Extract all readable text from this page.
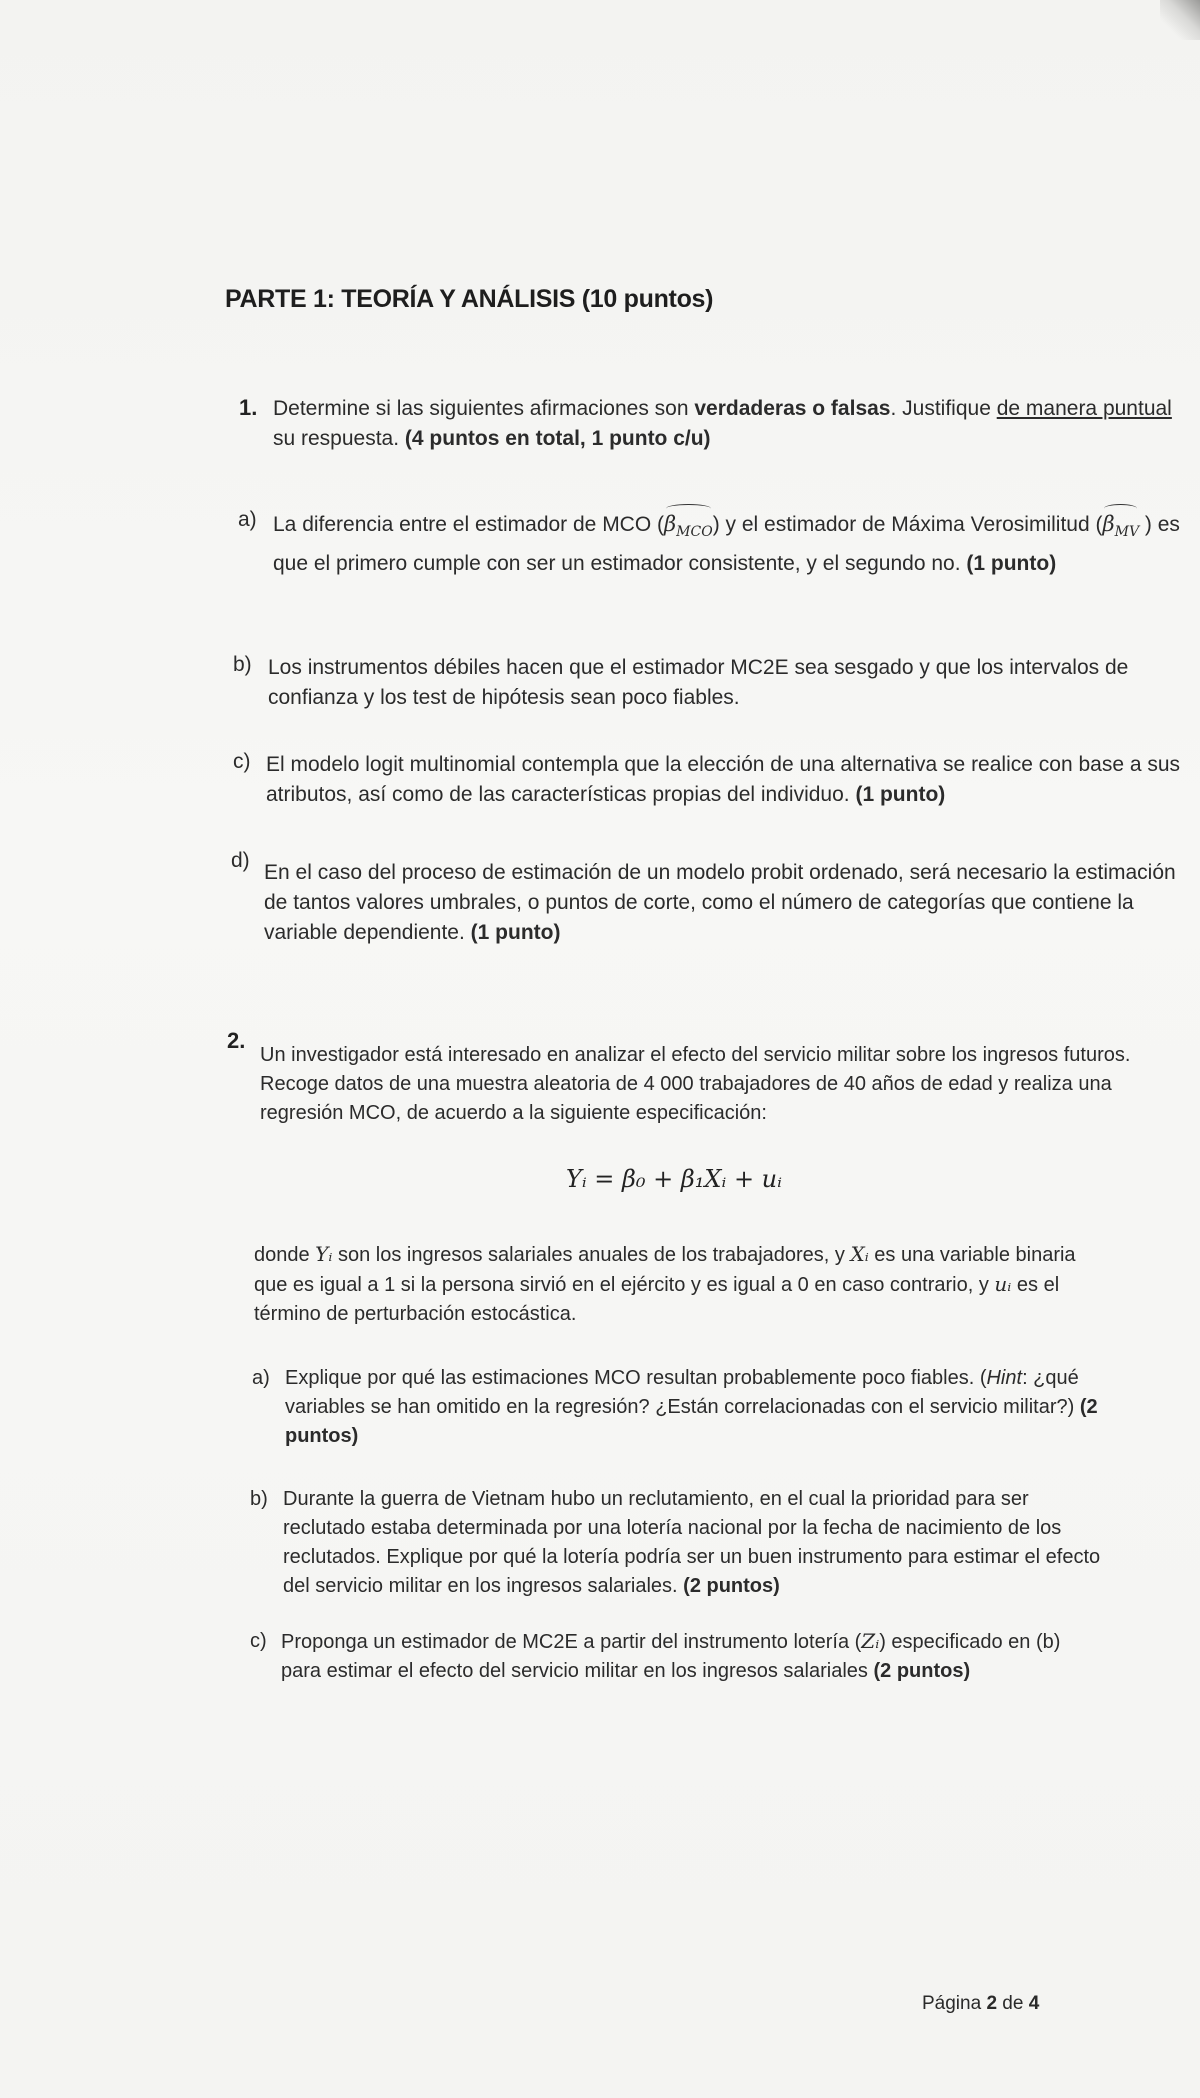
PARTE 1: TEORÍA Y ANÁLISIS (10 puntos)
1. Determine si las siguientes afirmaciones son verdaderas o falsas. Justifique de manera puntual su respuesta. (4 puntos en total, 1 punto c/u)
a) La diferencia entre el estimador de MCO $(\beta_{MCO})$ y el estimador de Máxima Verosimilitud ($\beta_{MV}$ ) es que el primero cumple con ser un estimador consistente, y el segundo no. (1 punto)
b) Los instrumentos débiles hacen que el estimador MC2E sea sesgado y que los intervalos de confianza y los test de hipótesis sean poco fiables.
c) El modelo logit multinomial contempla que la elección de una alternativa se realice con base a sus atributos, así como de las características propias del individuo. (1 punto)
d)
En el caso del proceso de estimación de un modelo probit ordenado, será necesario la estimación de tantos valores umbrales, o puntos de corte, como el número de categorías que contiene la variable dependiente. (1 punto)
2.
Un investigador está interesado en analizar el efecto del servicio militar sobre los ingresos futuros. Recoge datos de una muestra aleatoria de 4 000 trabajadores de 40 años de edad y realiza una regresión MCO, de acuerdo a la siguiente especificación:
Yᵢ = β₀ + β₁Xᵢ + uᵢ
donde Yᵢ son los ingresos salariales anuales de los trabajadores, y Xᵢ es una variable binaria que es igual a 1 si la persona sirvió en el ejército y es igual a 0 en caso contrario, y uᵢ es el término de perturbación estocástica.
a) Explique por qué las estimaciones MCO resultan probablemente poco fiables. (Hint: ¿qué variables se han omitido en la regresión? ¿Están correlacionadas con el servicio militar?) (2 puntos)
b) Durante la guerra de Vietnam hubo un reclutamiento, en el cual la prioridad para ser reclutado estaba determinada por una lotería nacional por la fecha de nacimiento de los reclutados. Explique por qué la lotería podría ser un buen instrumento para estimar el efecto del servicio militar en los ingresos salariales. (2 puntos)
c) Proponga un estimador de MC2E a partir del instrumento lotería (Zᵢ) especificado en (b) para estimar el efecto del servicio militar en los ingresos salariales (2 puntos)
Página 2 de 4
